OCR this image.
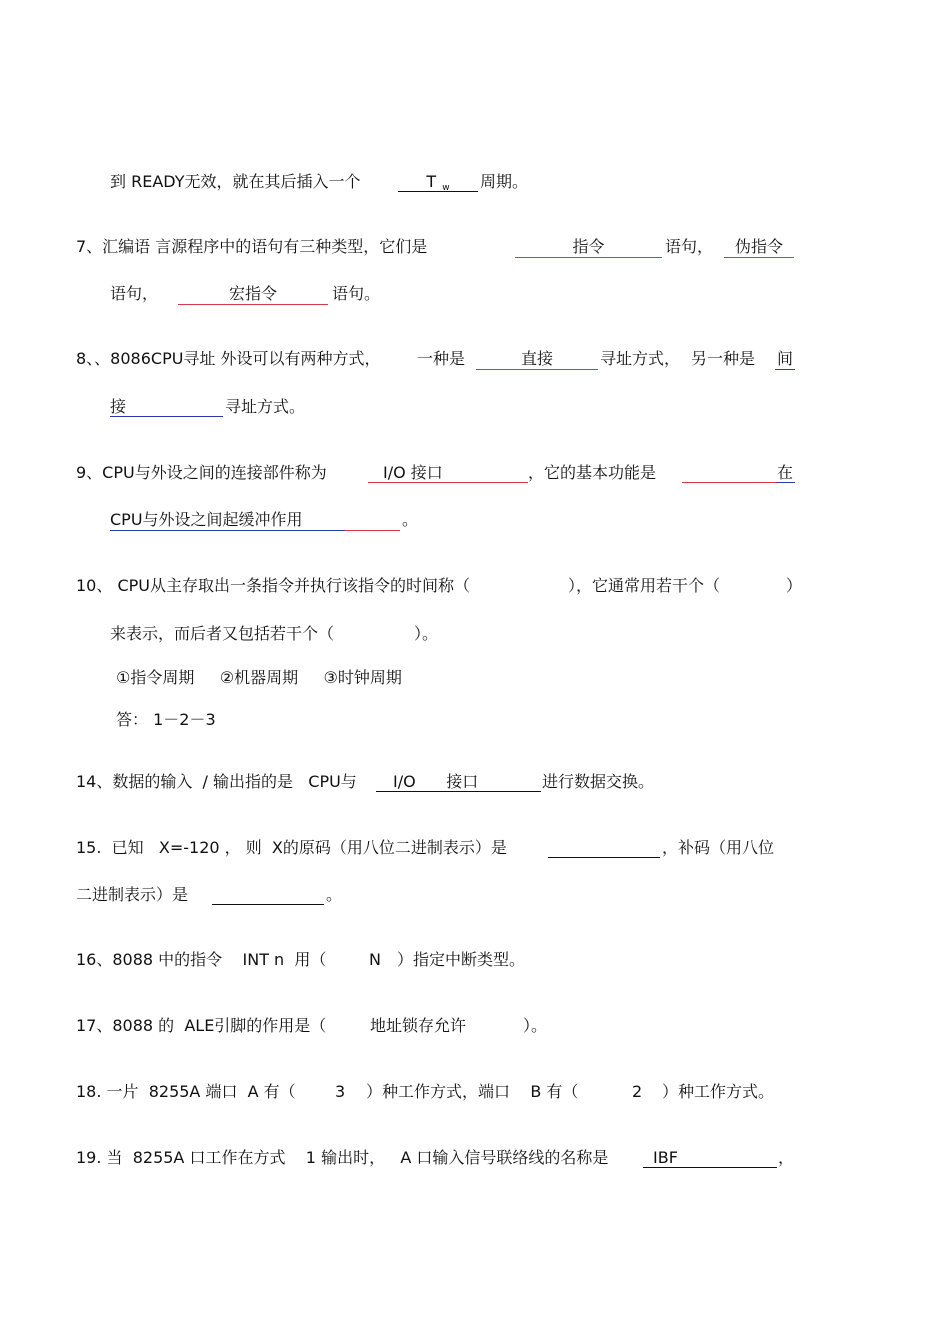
到 READY无效，就在其后插入一个	Tw	周期。
7、汇编语 言源程序中的语句有三种类型，它们是	指令	语句，	伪指令
语句，	宏指令	语句。
8、、8086CPU寻址 外设可以有两种方式， 一种是	直接	寻址方式， 另一种是 间
接	寻址方式。
9、CPU与外设之间的连接部件称为	I/O 接口	，它的基本功能是	在
CPU与外设之间起缓冲作用	。
10、 CPU从主存取出一条指令并执行该指令的时间称（	），它通常用若干个（	）
来表示，而后者又包括若干个（	）。
①指令周期     ②机器周期     ③时钟周期
答： 1－2－3
14、数据的输入  / 输出指的是   CPU与 I/O      接口	进行数据交换。
15.  已知   X=-120 ， 则  X的原码（用八位二进制表示）是	，补码（用八位
二进制表示）是	。
16、8088 中的指令    INT n  用（	N ）指定中断类型。
17、8088 的  ALE引脚的作用是（	地址锁存允许	）。
18. 一片  8255A 端口  A 有（ 3 ）种工作方式，端口    B 有（	2 ）种工作方式。
19. 当  8255A 口工作在方式    1 输出时，   A 口输入信号联络线的名称是	IBF	，
